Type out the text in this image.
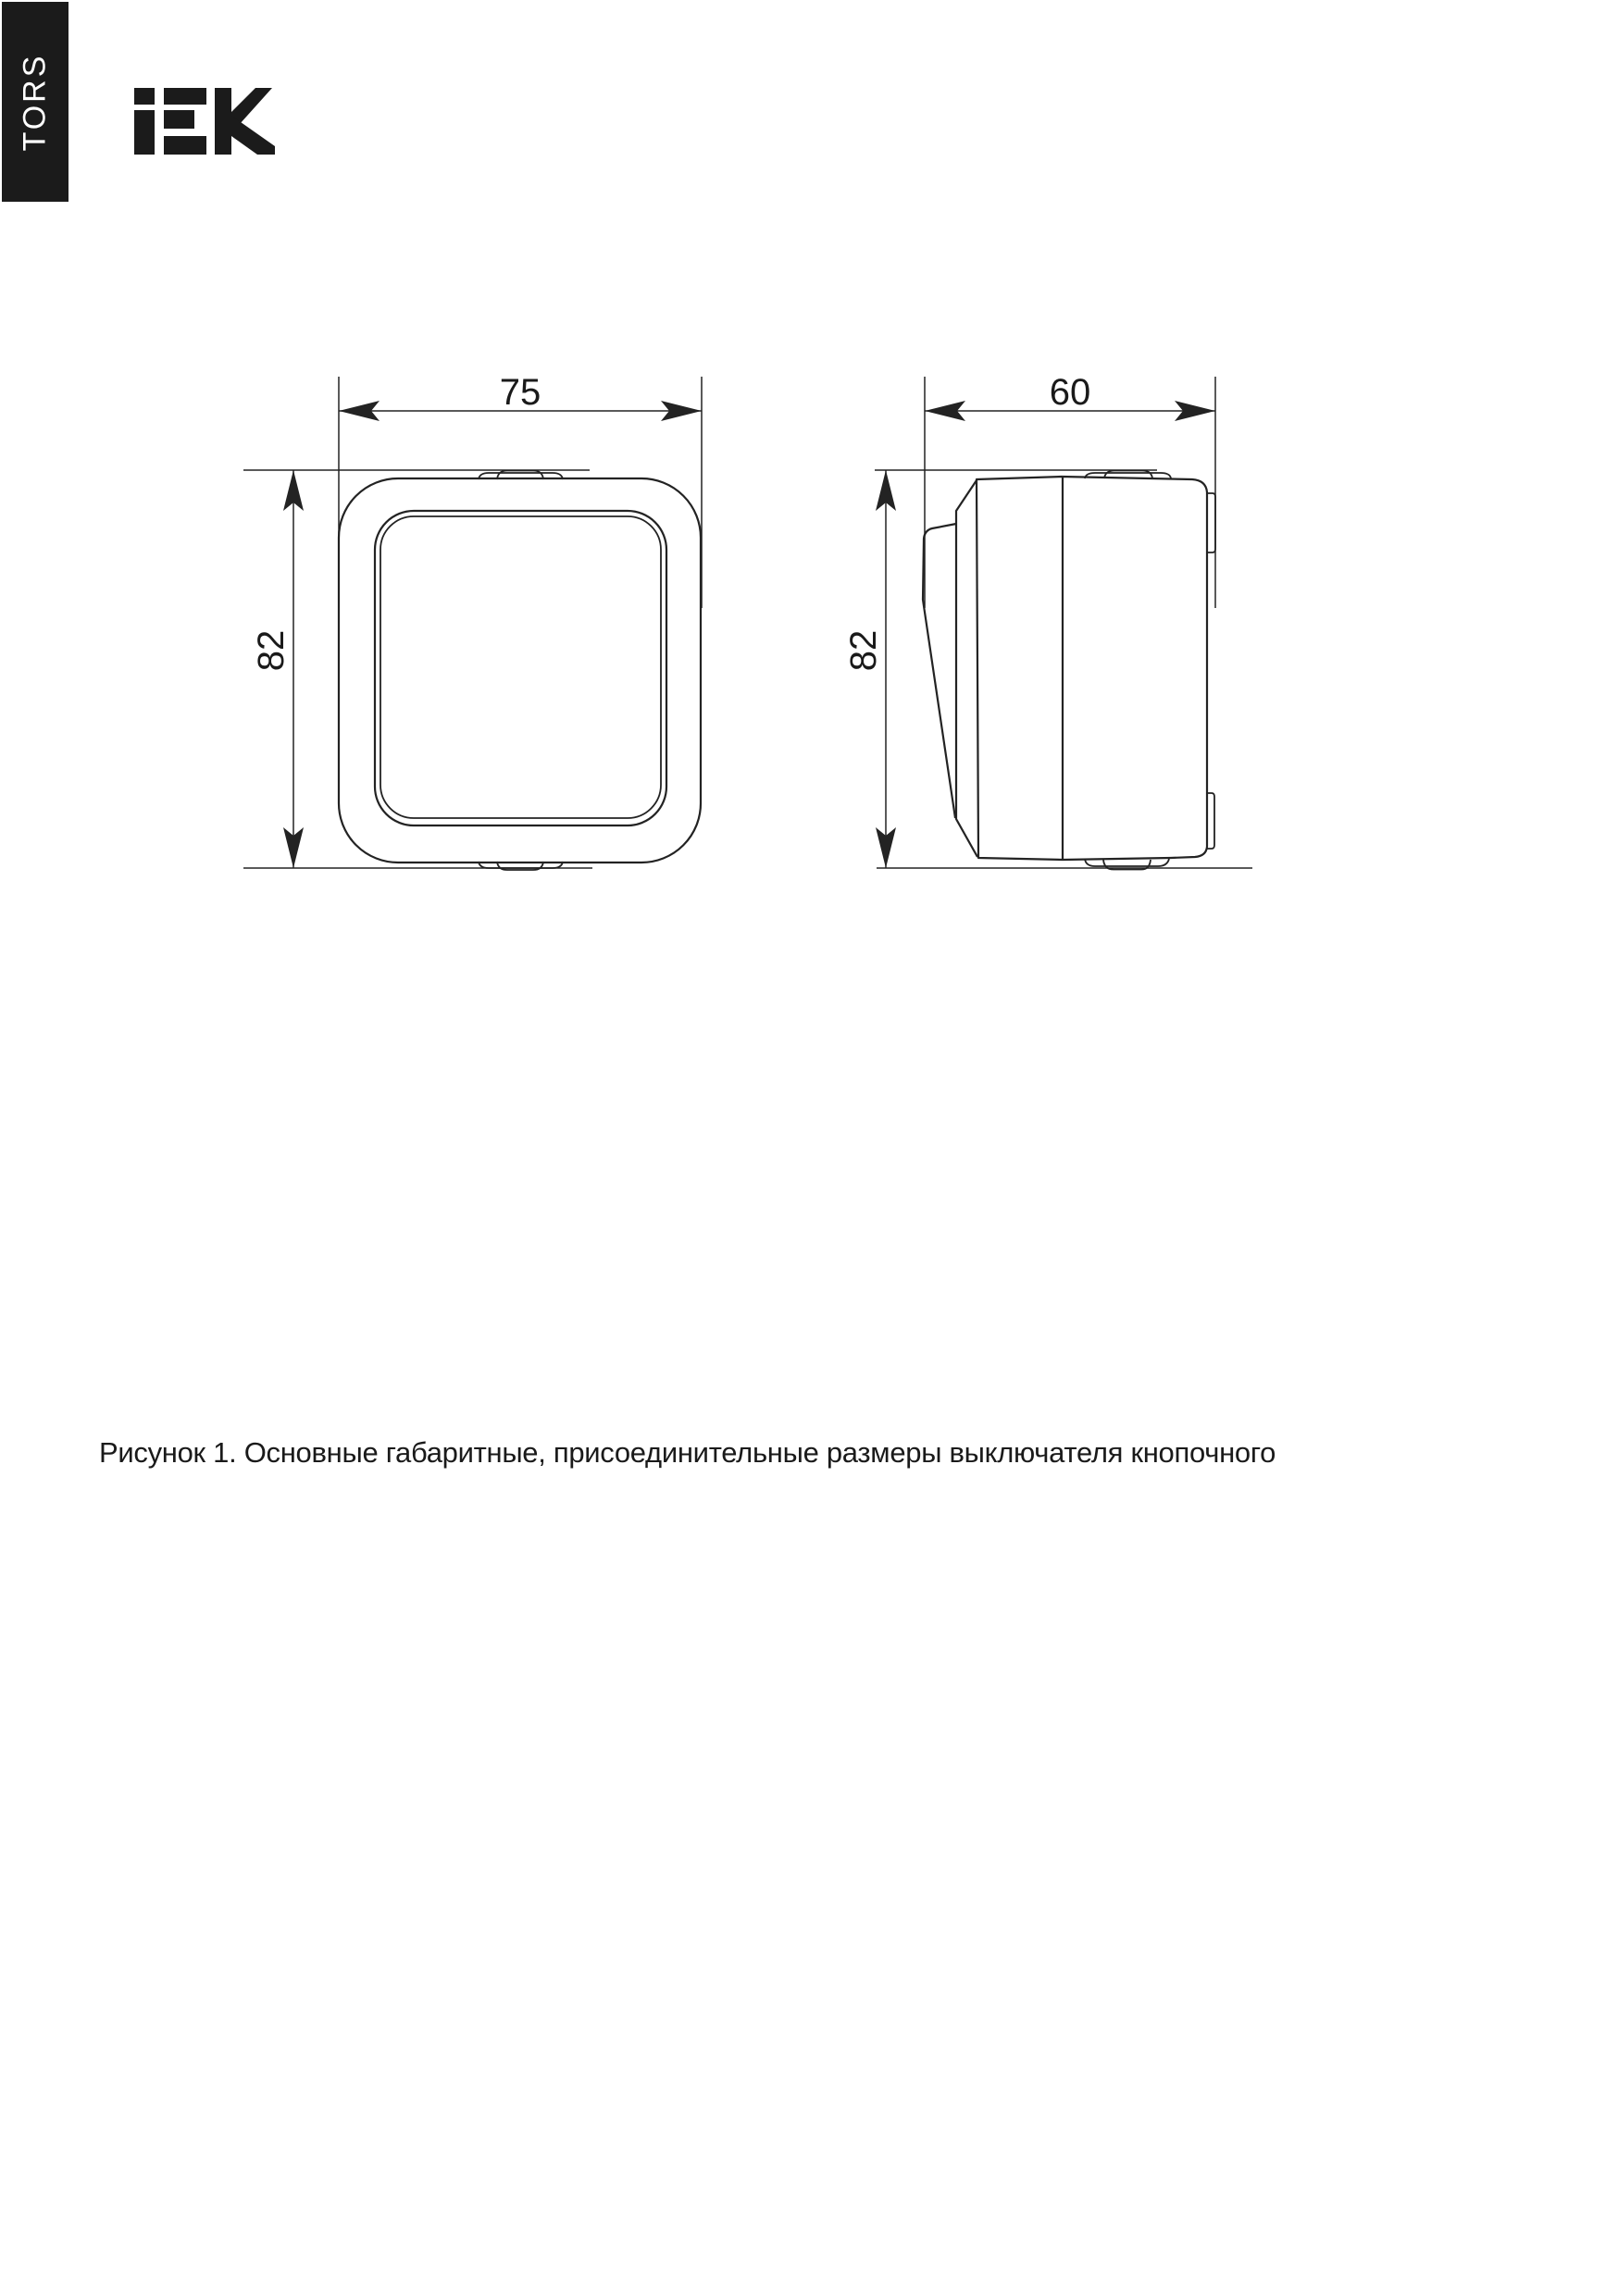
TORS
75
82
60
82
Рисунок 1. Основные габаритные, присоединительные размеры выключателя кнопочного
